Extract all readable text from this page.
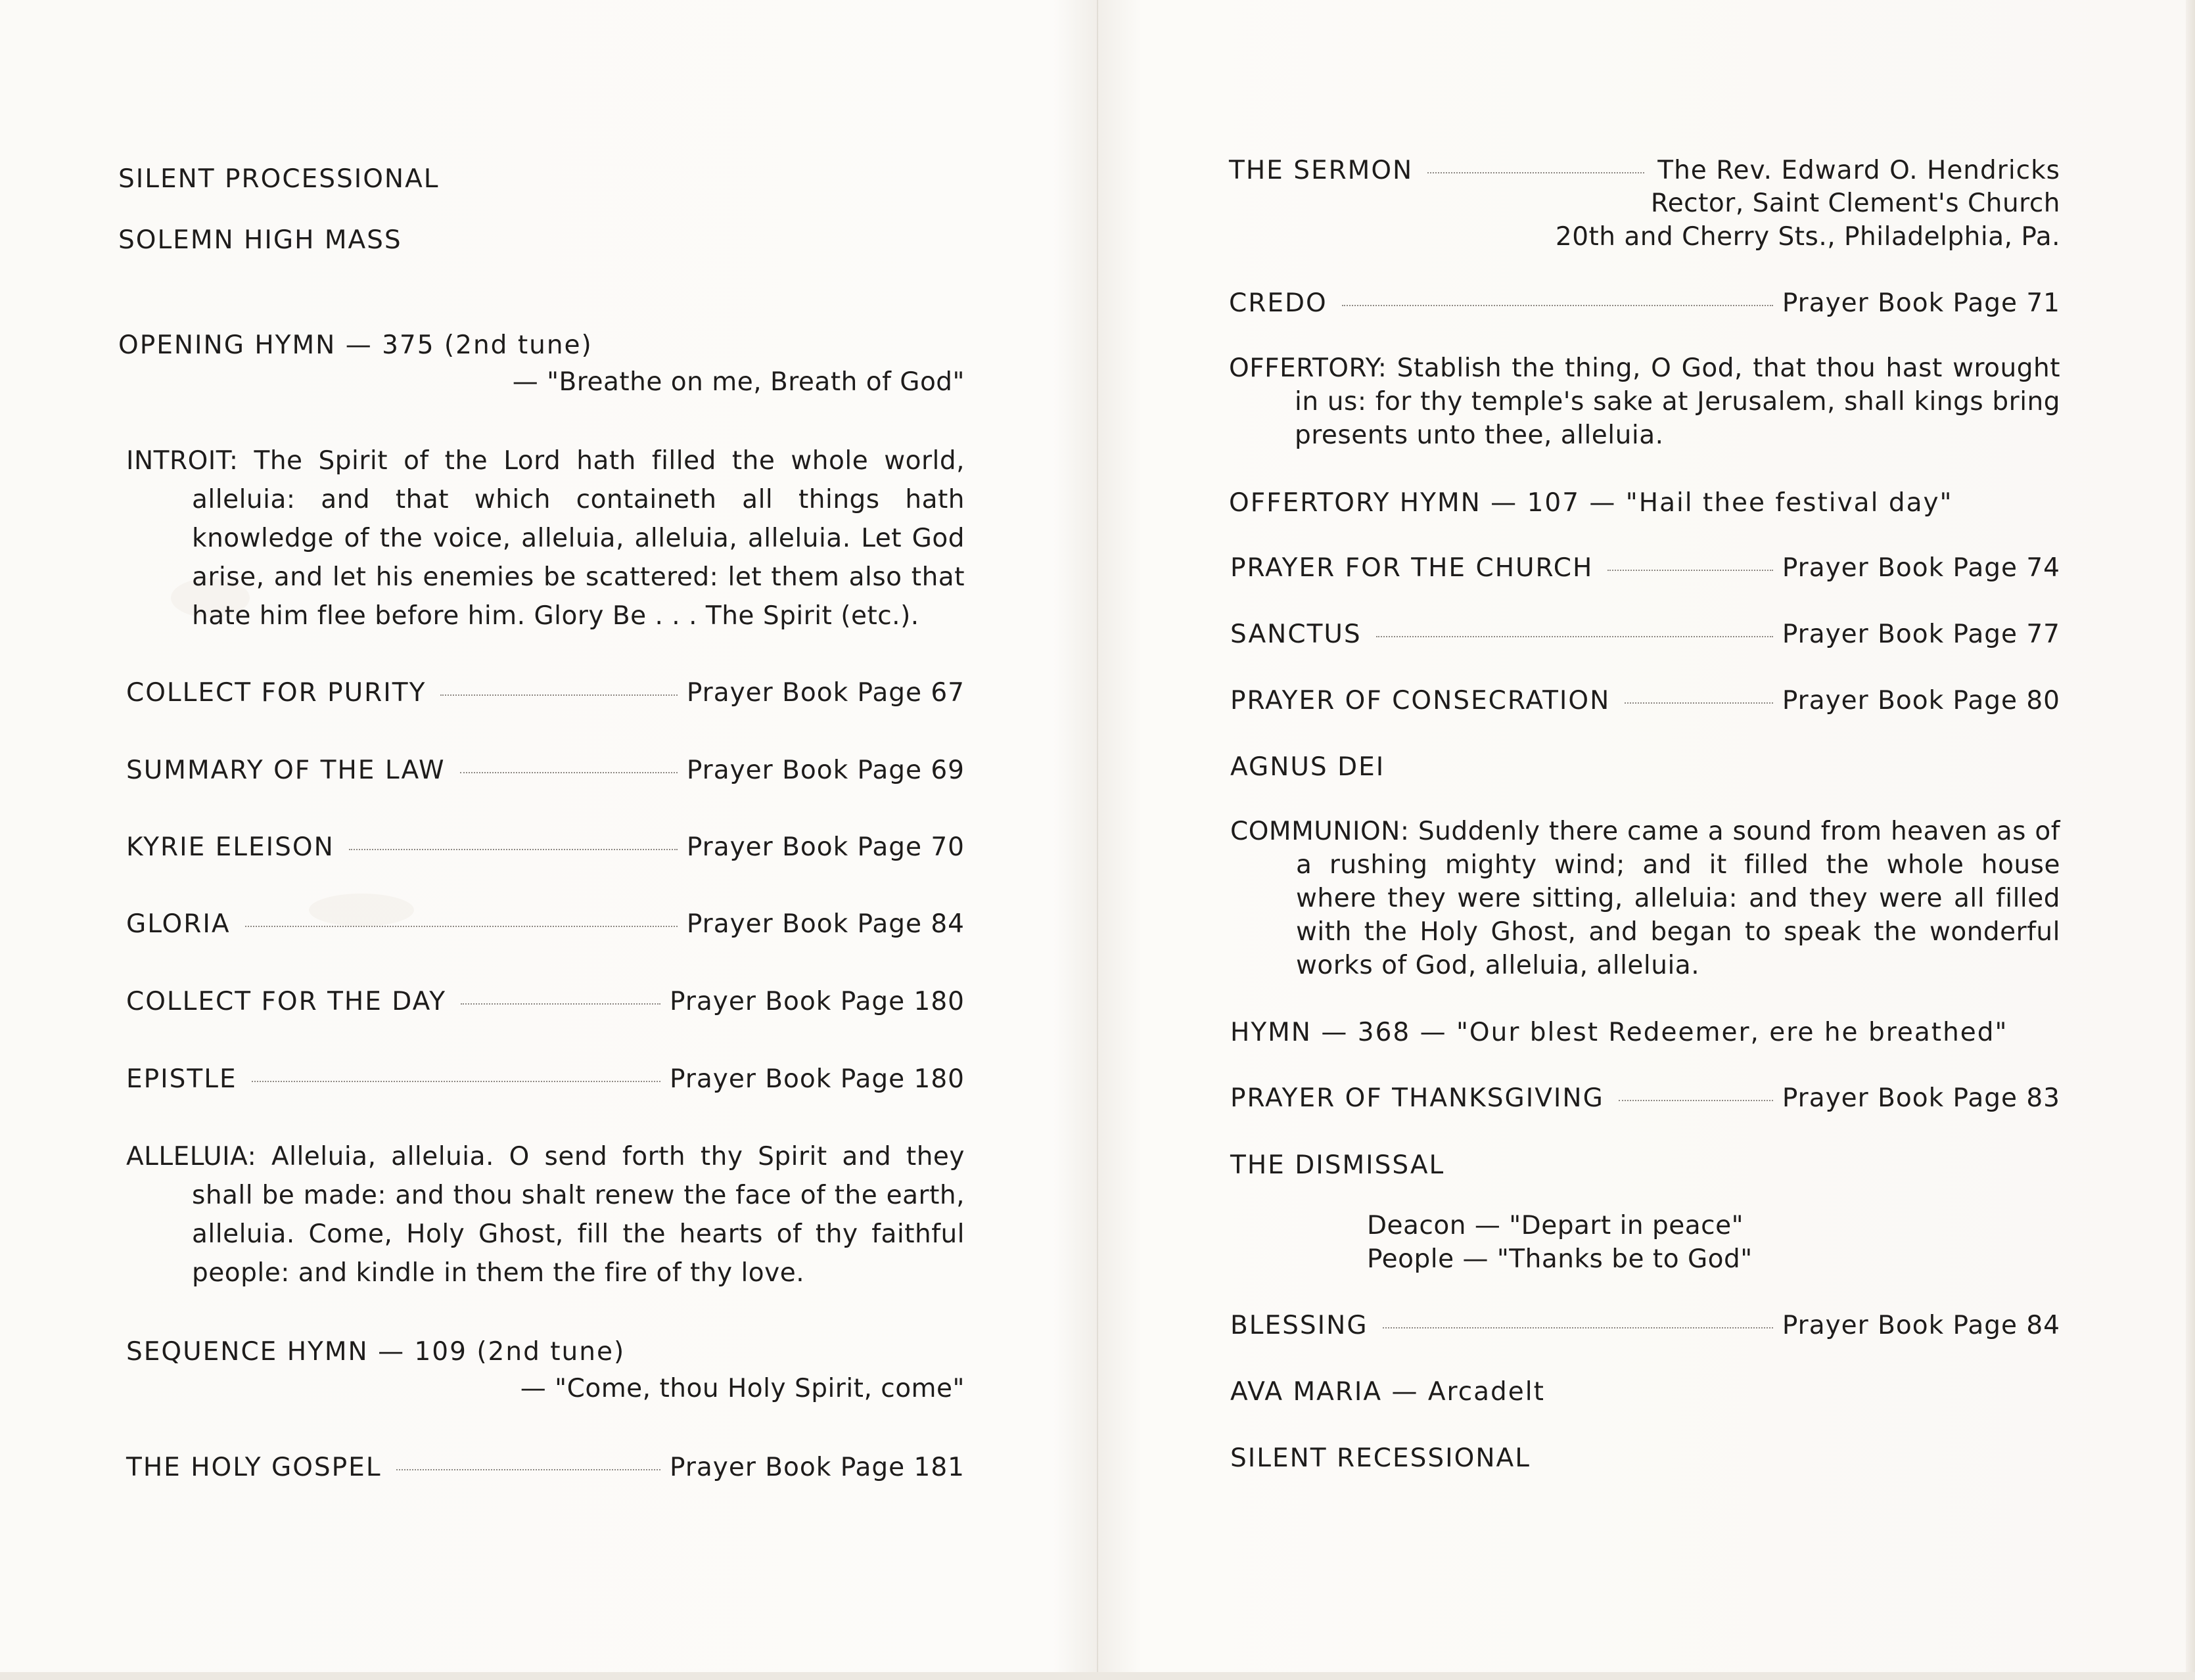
SILENT PROCESSIONAL
SOLEMN HIGH MASS
OPENING HYMN — 375 (2nd tune)
— "Breathe on me, Breath of God"
INTROIT: The Spirit of the Lord hath filled the whole world, alleluia: and that which containeth all things hath knowledge of the voice, alleluia, alleluia, alleluia. Let God arise, and let his enemies be scattered: let them also that hate him flee before him. Glory Be . . . The Spirit (etc.).
COLLECT FOR PURITY	Prayer Book Page 67
SUMMARY OF THE LAW	Prayer Book Page 69
KYRIE ELEISON	Prayer Book Page 70
GLORIA	Prayer Book Page 84
COLLECT FOR THE DAY	Prayer Book Page 180
EPISTLE	Prayer Book Page 180
ALLELUIA: Alleluia, alleluia. O send forth thy Spirit and they shall be made: and thou shalt renew the face of the earth, alleluia. Come, Holy Ghost, fill the hearts of thy faithful people: and kindle in them the fire of thy love.
SEQUENCE HYMN — 109 (2nd tune)
— "Come, thou Holy Spirit, come"
THE HOLY GOSPEL	Prayer Book Page 181
THE SERMON	The Rev. Edward O. Hendricks
Rector, Saint Clement's Church
20th and Cherry Sts., Philadelphia, Pa.
CREDO	Prayer Book Page 71
OFFERTORY: Stablish the thing, O God, that thou hast wrought in us: for thy temple's sake at Jerusalem, shall kings bring presents unto thee, alleluia.
OFFERTORY HYMN — 107 — "Hail thee festival day"
PRAYER FOR THE CHURCH	Prayer Book Page 74
SANCTUS	Prayer Book Page 77
PRAYER OF CONSECRATION	Prayer Book Page 80
AGNUS DEI
COMMUNION: Suddenly there came a sound from heaven as of a rushing mighty wind; and it filled the whole house where they were sitting, alleluia: and they were all filled with the Holy Ghost, and began to speak the wonderful works of God, alleluia, alleluia.
HYMN — 368 — "Our blest Redeemer, ere he breathed"
PRAYER OF THANKSGIVING	Prayer Book Page 83
THE DISMISSAL
Deacon — "Depart in peace"
People — "Thanks be to God"
BLESSING	Prayer Book Page 84
AVA MARIA — Arcadelt
SILENT RECESSIONAL
